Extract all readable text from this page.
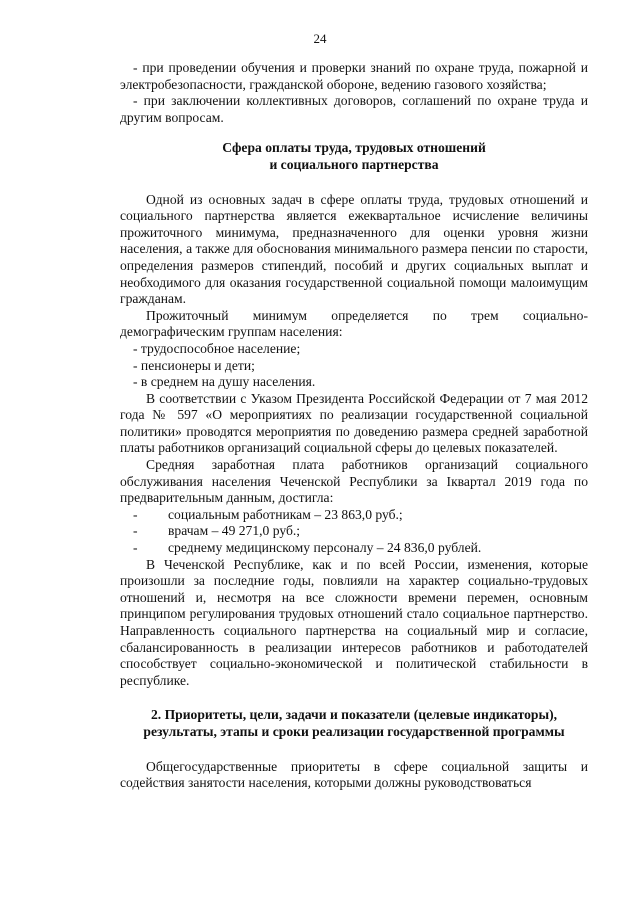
24

- при проведении обучения и проверки знаний по охране труда, пожарной и электробезопасности, гражданской обороне, ведению газового хозяйства;

- при заключении коллективных договоров, соглашений по охране труда и другим вопросам.

Сфера оплаты труда, трудовых отношений
и социального партнерства

Одной из основных задач в сфере оплаты труда, трудовых отношений и социального партнерства является ежеквартальное исчисление величины прожиточного минимума, предназначенного для оценки уровня жизни населения, а также для обоснования минимального размера пенсии по старости, определения размеров стипендий, пособий и других социальных выплат и необходимого для оказания государственной социальной помощи малоимущим гражданам.

Прожиточный минимум определяется по трем социально-демографическим группам населения:

- трудоспособное население;

- пенсионеры и дети;

- в среднем на душу населения.

В соответствии с Указом Президента Российской Федерации от 7 мая 2012 года № 597 «О мероприятиях по реализации государственной социальной политики» проводятся мероприятия по доведению размера средней заработной платы работников организаций социальной сферы до целевых показателей.

Средняя заработная плата работников организаций социального обслуживания населения Чеченской Республики за Iквартал 2019 года по предварительным данным, достигла:

-	социальным работникам – 23 863,0 руб.;
-	врачам – 49 271,0 руб.;
-	среднему медицинскому персоналу – 24 836,0 рублей.

В Чеченской Республике, как и по всей России, изменения, которые произошли за последние годы, повлияли на характер социально-трудовых отношений и, несмотря на все сложности времени перемен, основным принципом регулирования трудовых отношений стало социальное партнерство. Направленность социального партнерства на социальный мир и согласие, сбалансированность в реализации интересов работников и работодателей способствует социально-экономической и политической стабильности в республике.

2. Приоритеты, цели, задачи и показатели (целевые индикаторы),
результаты, этапы и сроки реализации государственной программы

Общегосударственные приоритеты в сфере социальной защиты и содействия занятости населения, которыми должны руководствоваться
